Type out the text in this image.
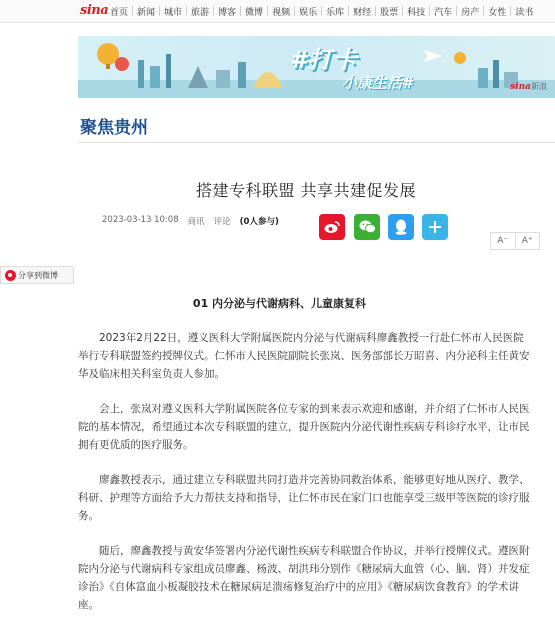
sina 首页	新闻	城市	旅游	博客	微博	视频	娱乐	乐库	财经	股票	科技	汽车	房产	女性	读书
#打卡
小康生活#	sina新浪
聚焦贵州
搭建专科联盟 共享共建促发展
2023-03-13 10:08 商讯 评论 (0人参与)
A⁻	A⁺
分享到微博
01 内分泌与代谢病科、儿童康复科

2023年2月22日，遵义医科大学附属医院内分泌与代谢病科廖鑫教授一行赴仁怀市人民医院举行专科联盟签约授牌仪式。仁怀市人民医院副院长张岚、医务部部长万昭喜、内分泌科主任黄安华及临床相关科室负责人参加。

会上，张岚对遵义医科大学附属医院各位专家的到来表示欢迎和感谢，并介绍了仁怀市人民医院的基本情况，希望通过本次专科联盟的建立，提升医院内分泌代谢性疾病专科诊疗水平，让市民拥有更优质的医疗服务。

廖鑫教授表示，通过建立专科联盟共同打造并完善协同救治体系，能够更好地从医疗、教学、科研、护理等方面给予大力帮扶支持和指导，让仁怀市民在家门口也能享受三级甲等医院的诊疗服务。

随后，廖鑫教授与黄安华签署内分泌代谢性疾病专科联盟合作协议，并举行授牌仪式。遵医附院内分泌与代谢病科专家组成员廖鑫、杨波、胡洪玮分别作《糖尿病大血管（心、脑、肾）并发症诊治》《自体富血小板凝胶技术在糖尿病足溃疡修复治疗中的应用》《糖尿病饮食教育》的学术讲座。
